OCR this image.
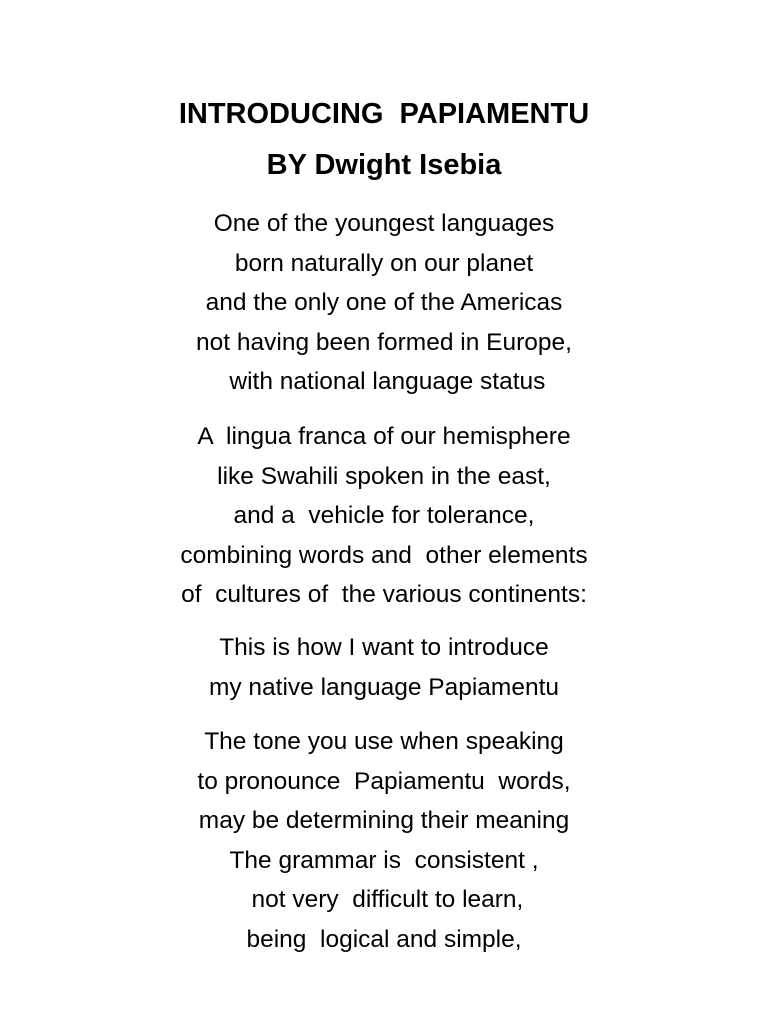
INTRODUCING  PAPIAMENTU
BY Dwight Isebia
One of the youngest languages
born naturally on our planet
and the only one of the Americas
not having been formed in Europe,
with national language status
A  lingua franca of our hemisphere
like Swahili spoken in the east,
and a  vehicle for tolerance,
combining words and  other elements
of  cultures of  the various continents:
This is how I want to introduce
my native language Papiamentu
The tone you use when speaking
to pronounce  Papiamentu  words,
may be determining their meaning
The grammar is  consistent ,
not very  difficult to learn,
being  logical and simple,
